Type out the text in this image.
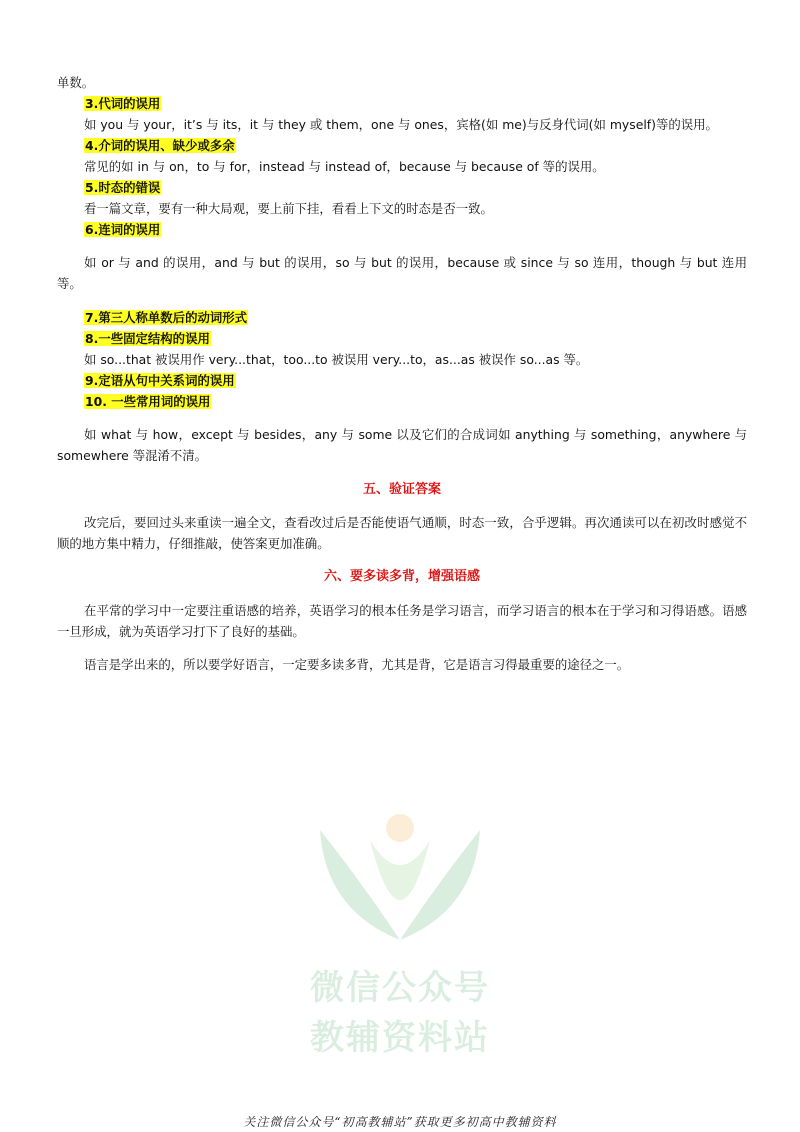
单数。

3.代词的误用

如 you 与 your，it’s 与 its，it 与 they 或 them，one 与 ones，宾格(如 me)与反身代词(如 myself)等的误用。

4.介词的误用、缺少或多余

常见的如 in 与 on，to 与 for，instead 与 instead of，because 与 because of 等的误用。

5.时态的错误

看一篇文章，要有一种大局观，要上前下挂，看看上下文的时态是否一致。

6.连词的误用

如 or 与 and 的误用，and 与 but 的误用，so 与 but 的误用，because 或 since 与 so 连用，though 与 but 连用等。

7.第三人称单数后的动词形式

8.一些固定结构的误用

如 so...that 被误用作 very...that，too...to 被误用 very...to，as...as 被误作 so...as 等。

9.定语从句中关系词的误用

10. 一些常用词的误用

如 what 与 how，except 与 besides，any 与 some 以及它们的合成词如 anything 与 something，anywhere 与 somewhere 等混淆不清。

五、验证答案

改完后，要回过头来重读一遍全文，查看改过后是否能使语气通顺，时态一致，合乎逻辑。再次通读可以在初改时感觉不顺的地方集中精力，仔细推敲，使答案更加准确。

六、要多读多背，增强语感

在平常的学习中一定要注重语感的培养，英语学习的根本任务是学习语言，而学习语言的根本在于学习和习得语感。语感一旦形成，就为英语学习打下了良好的基础。

语言是学出来的，所以要学好语言，一定要多读多背，尤其是背，它是语言习得最重要的途径之一。

微信公众号
教辅资料站
关注微信公众号“初高教辅站”获取更多初高中教辅资料
